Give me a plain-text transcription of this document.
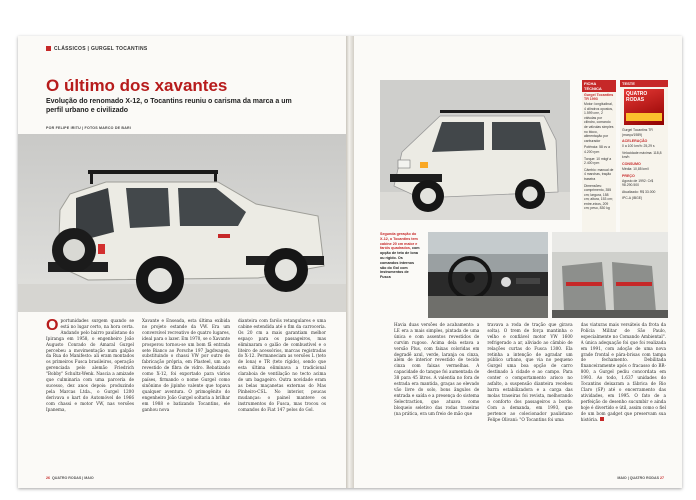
CLÁSSICOS | GURGEL TOCANTINS
O último dos xavantes
Evolução do renomado X-12, o Tocantins reuniu o carisma da marca a um perfil urbano e civilizado
POR FELIPE IRITU | FOTOS MARCO DE BARI
Oportunidades surgem quando se está no lugar certo, na hora certa. Andando pelo bairro paulistano do Ipiranga em 1958, o engenheiro João Augusto Conrado do Amaral Gurgel percebeu a movimentação num galpão da Rua do Manifesto: ali eram montados os primeiros Fusca brasileiros, operação gerenciada pelo alemão Friedrich "Bobby" Schultz-Wenk. Nascia a amizade que culminaria com uma parceria de sucesso, dez anos depois: produzindo pela Marcas Ltda., o Gurgel 1200 derivava o kart do Automóvel de 1966 com chassi e motor VW, nas versões Ipanema,
Xavante e Enseada, esta última exibida no projeto estande da VW. Era um conversível recreativo de quatro lugares, ideal para o lazer. Em 1970, se o Xavante prosperou tornou-se um bom fã entrada sete Bianco ao Porsche 197 Jagdwagen, substituindo o chassi VW por outro de fabricação própria, em Plasteel, um aço revestido de fibra de vidro. Rebatizado como X-12, foi exportado para vários países, firmando o nome Gurgel como sinônimo de jipinho valente que topava qualquer aventura. O primogênito do engenheiro João Gurgel soltaria a brilhar em 1988 e batizando Tocantins, ele ganhou nova
dianteira com faróis retangulares e uma cabine estendida até o fim da carroceria. Os 20 cm a mais garantiam melhor espaço para os passageiros, mas eliminaram o galão de combustível e o liteiro de acessórios, marcas registradas do X-12. Permaneciam as versões L (teto de lona) e TR (teto rígido), sendo que esta última eliminava a tradicional claraboia de ventilação no tecto acima de um bagageiro. Outra novidade eram as belas maçanetas externas do Mas Pinheiro-CSL. No interior, poucas mudanças: o painel manteve os instrumentos do Fusca, mas trocou os comandos do Fiat 147 pelos do Gol.
26 QUATRO RODAS | MAIO
FICHA TÉCNICA
Gurgel Tocantins TR 1993
Motor: longitudinal, 4 cilindros opostos, 1.599 cm³, 2 válvulas por cilindro, comando de válvulas simples no bloco, alimentação por carburador
Potência: 58 cv a 4.200 rpm
Torque: 10 mkgf a 2.400 rpm
Câmbio: manual de 4 marchas, tração traseira
Dimensões: comprimento, 355 cm; largura, 158 cm; altura, 153 cm; entre-eixos, 209 cm; peso, 830 kg
TESTE
QUATRO RODAS
Gurgel Tocantins TR (março/1989)
ACELERAÇÃO
0 a 100 km/h: 25,29 s
Velocidade máxima: 118,8 km/h
CONSUMO
Média: 10,85 km/l
PREÇO
Agosto de 1992: Cr$ 98.290.500
Atualizado: R$ 33.000
IPC-A (IBGE)
Segunda geração do X-12, o Tocantins tem cabine 20 cm maior e faróis quadrados, com opção de teto de lona ou rígido. Os comandos internos são do Gol com instrumentos de Fusca
Havia duas versões de acabamento: a LE era a mais simples, pintada de uma única e com assentos revestidos de curvim rugoso. Acima dela estava a versão Plus, com faixas coloridas em degradê azul, verde, laranja ou cinza, além de interior revestido de tecido cinza com faixas vermelhas. A capacidade do tanque foi aumentada de 38 para 45 litros. A valentia no fora de estrada era mantida, graças ao elevado vão livre do solo, bons ângulos de entrada e saída e a presença do sistema Selectraction, que atuava como bloqueio seletivo das rodas traseiras (na prática, era um freio de mão que
travava a roda de tração que girava solta). O trem de força mantinha o velho e confiável motor VW 1600 refrigerado a ar, aliviado ao câmbio de relações curtas do Fusca 1300. Ela retinha a intenção de agradar um público urbano, que via no pequeno Gurgel uma boa opção de carro destinado à cidade e ao campo. Para conter o comportamento arisco no asfalto, a suspensão dianteira recebeu barra estabilizadora e a carga das molas traseiras foi revista, melhorando o conforto dos passageiros a bordo. Com a demanda, em 1993, que pertence ao colecionador paulistano Felipe Olivani: "O Tocantins foi uma
das viaturas mais versáteis da frota da Polícia Militar de São Paulo, especialmente no Comando Ambiental". A única adequação foi que foi realizada em 1991, com adoção de uma nova grade frontal e pára-brisas com tampa de fechamento. Debilitada financeiramente após o fracasso do BR-800, a Gurgel pediu concordata em 1993. Ao todo, 1.637 unidades do Tocantins deixaram a fábrica de Rio Claro (SP) até o encerramento das atividades, em 1995. O fato de a perfeição do desenho sucumbir e ainda hoje é divertido e útil, assim como o fiel de um bom gadget que preservam sua história.
MAIO | QUATRO RODAS 27
